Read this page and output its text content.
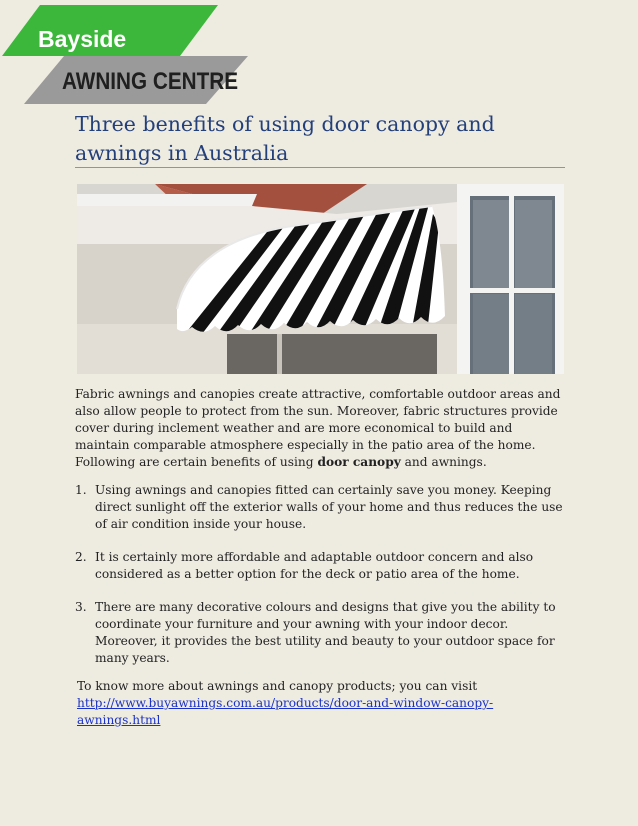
Bayside
AWNING CENTRE
Three benefits of using door canopy and awnings in Australia

Fabric awnings and canopies create attractive, comfortable outdoor areas and also allow people to protect from the sun. Moreover, fabric structures provide cover during inclement weather and are more economical to build and maintain comparable atmosphere especially in the patio area of the home. Following are certain benefits of using door canopy and awnings.

1. Using awnings and canopies fitted can certainly save you money. Keeping direct sunlight off the exterior walls of your home and thus reduces the use of air condition inside your house.
2. It is certainly more affordable and adaptable outdoor concern and also considered as a better option for the deck or patio area of the home.
3. There are many decorative colours and designs that give you the ability to coordinate your furniture and your awning with your indoor decor. Moreover, it provides the best utility and beauty to your outdoor space for many years.

To know more about awnings and canopy products; you can visit
http://www.buyawnings.com.au/products/door-and-window-canopy-awnings.html
